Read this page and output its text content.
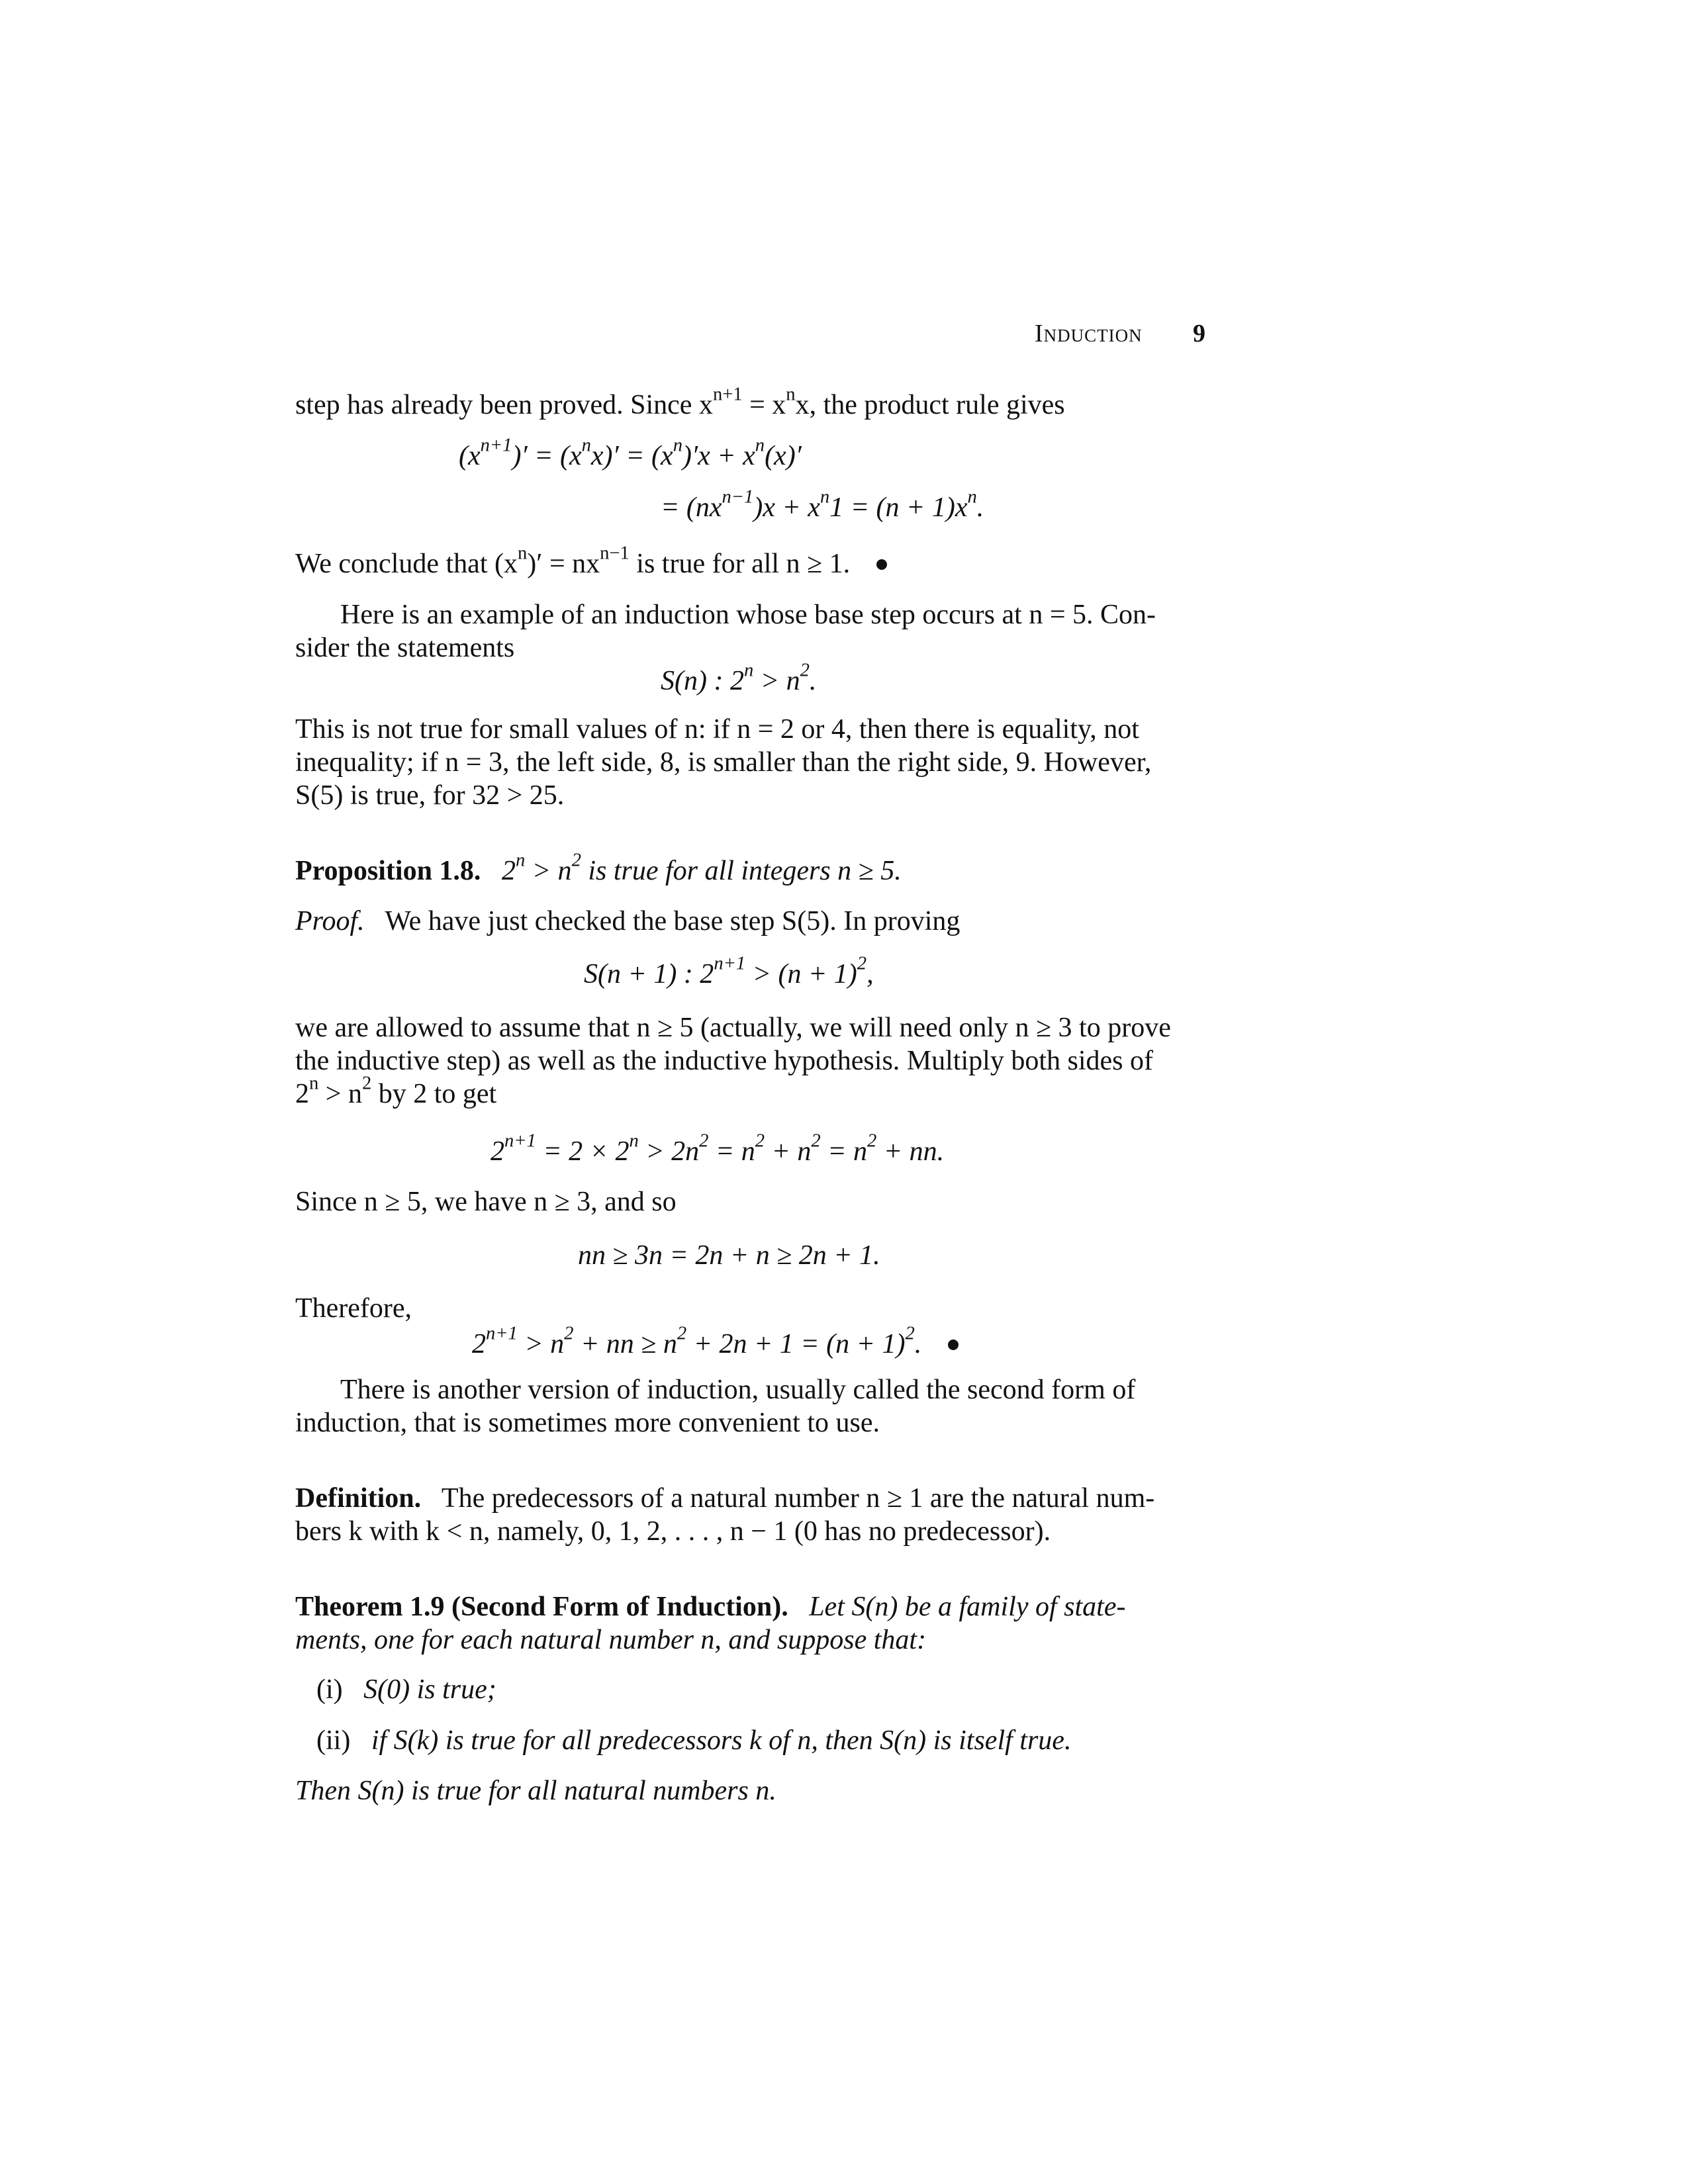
Induction 9
step has already been proved. Since $x^{n+1} = x^nx$, the product rule gives
$(x^{n+1})' = (x^nx)' = (x^n)'x + x^n(x)'$
= $(nx^{n-1})x + x^n1 = (n + 1)x^n$.
We conclude that $(x^n)' = nx^{n-1}$ is true for all n ≥ 1.
Here is an example of an induction whose base step occurs at n = 5. Con-
sider the statements
S(n) : $2^n > n^2$.
This is not true for small values of n: if n = 2 or 4, then there is equality, not
inequality; if n = 3, the left side, 8, is smaller than the right side, 9. However,
S(5) is true, for 32 > 25.
Proposition 1.8. $2^n > n^2$ is true for all integers n ≥ 5.
Proof. We have just checked the base step S(5). In proving
S(n + 1) : $2^{n+1} > (n + 1)^2$,
we are allowed to assume that n ≥ 5 (actually, we will need only n ≥ 3 to prove
the inductive step) as well as the inductive hypothesis. Multiply both sides of
$2^n > n^2$ by 2 to get
$2^{n+1} = 2 \times 2^n > 2n^2 = n^2 + n^2 = n^2$ + nn.
Since n ≥ 5, we have n ≥ 3, and so
nn ≥ 3n = 2n + n ≥ 2n + 1.
Therefore,
$2^{n+1} > n^2$ + nn ≥ $n^2 + 2n + 1 = (n + 1)^2$.
There is another version of induction, usually called the second form of
induction, that is sometimes more convenient to use.
Definition. The predecessors of a natural number n ≥ 1 are the natural num-
bers k with k < n, namely, 0, 1, 2, . . . , n − 1 (0 has no predecessor).
Theorem 1.9 (Second Form of Induction). Let S(n) be a family of state-
ments, one for each natural number n, and suppose that:
(i) S(0) is true;
(ii) if S(k) is true for all predecessors k of n, then S(n) is itself true.
Then S(n) is true for all natural numbers n.
